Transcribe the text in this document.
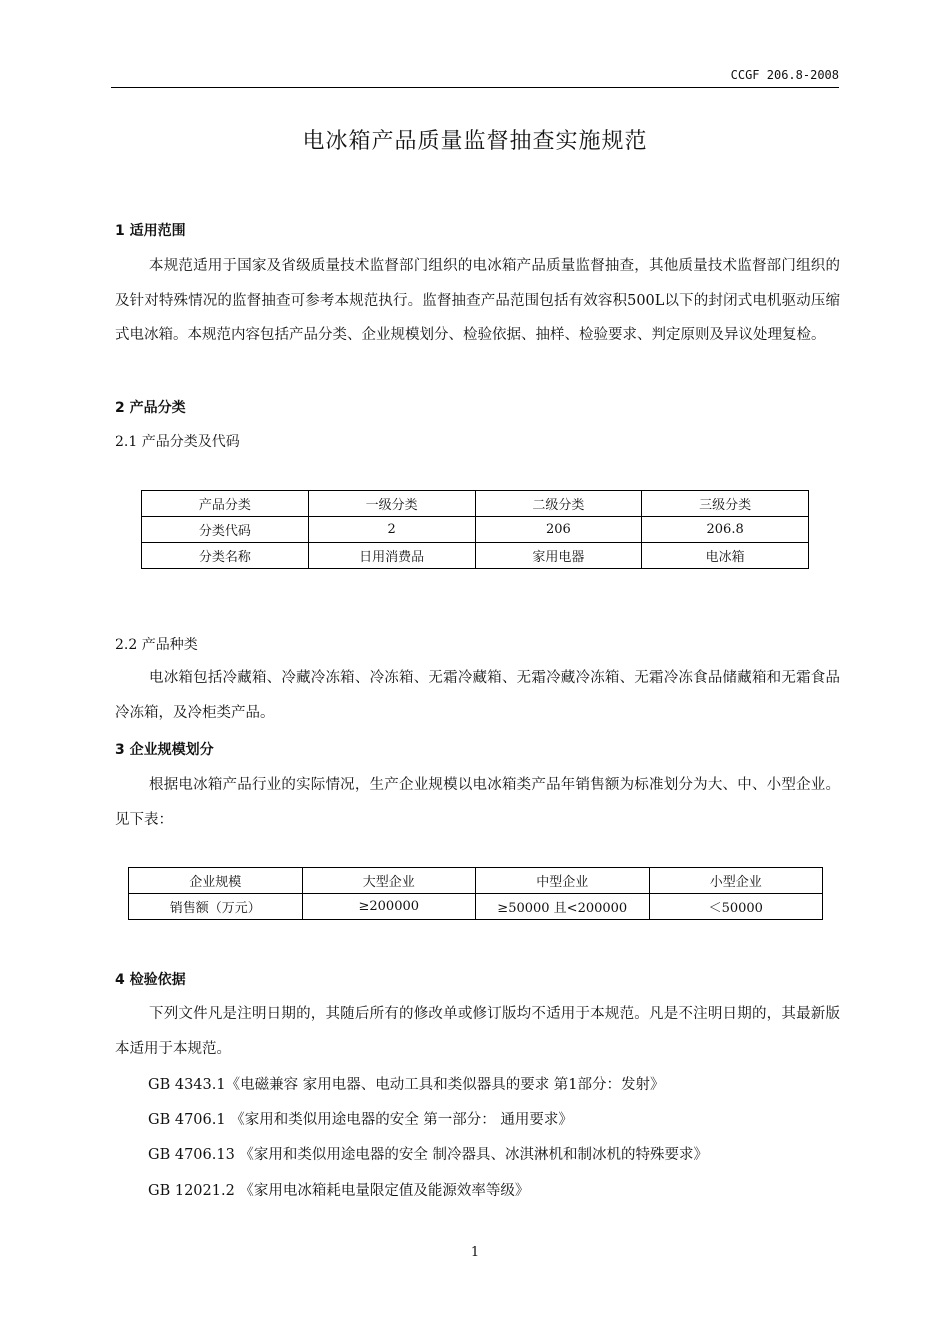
CCGF 206.8-2008
电冰箱产品质量监督抽查实施规范
1 适用范围
本规范适用于国家及省级质量技术监督部门组织的电冰箱产品质量监督抽查，其他质量技术监督部门组织的及针对特殊情况的监督抽查可参考本规范执行。监督抽查产品范围包括有效容积500L以下的封闭式电机驱动压缩式电冰箱。本规范内容包括产品分类、企业规模划分、检验依据、抽样、检验要求、判定原则及异议处理复检。
2 产品分类
2.1 产品分类及代码
产品分类	一级分类	二级分类	三级分类
分类代码	2	206	206.8
分类名称	日用消费品	家用电器	电冰箱
2.2 产品种类
电冰箱包括冷藏箱、冷藏冷冻箱、冷冻箱、无霜冷藏箱、无霜冷藏冷冻箱、无霜冷冻食品储藏箱和无霜食品冷冻箱，及冷柜类产品。
3 企业规模划分
根据电冰箱产品行业的实际情况，生产企业规模以电冰箱类产品年销售额为标准划分为大、中、小型企业。见下表：
企业规模	大型企业	中型企业	小型企业
销售额（万元）	≥200000	≥50000 且<200000	＜50000
4 检验依据
下列文件凡是注明日期的，其随后所有的修改单或修订版均不适用于本规范。凡是不注明日期的，其最新版本适用于本规范。
GB 4343.1《电磁兼容 家用电器、电动工具和类似器具的要求 第1部分：发射》
GB 4706.1 《家用和类似用途电器的安全 第一部分： 通用要求》
GB 4706.13 《家用和类似用途电器的安全 制冷器具、冰淇淋机和制冰机的特殊要求》
GB 12021.2 《家用电冰箱耗电量限定值及能源效率等级》
1
